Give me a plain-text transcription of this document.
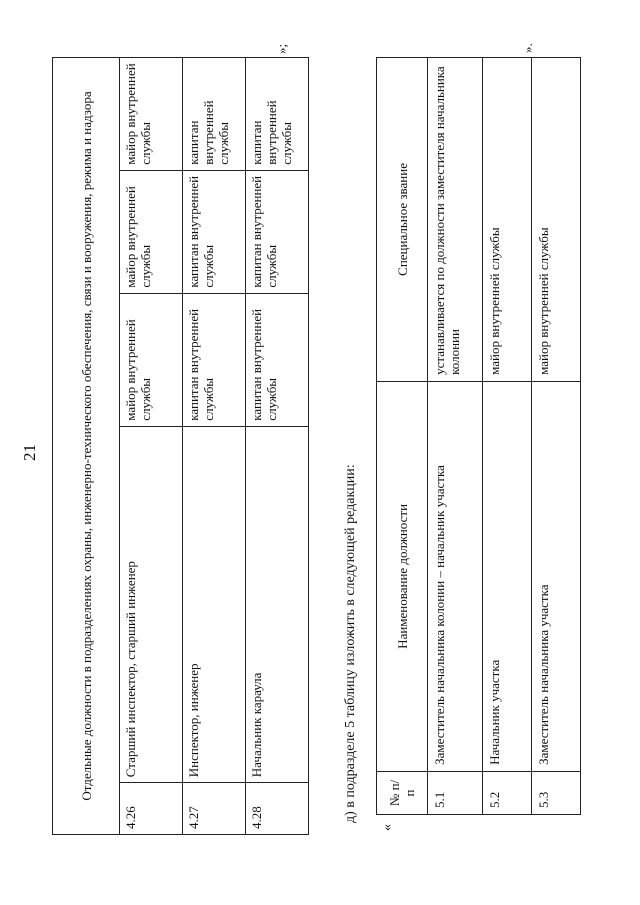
21	Отдельные должности в подразделениях охраны, инженерно-технического обеспечения, связи и вооружения, режима и надзора				
4.26	Старший инспектор, старший инженер	майор внутренней службы	майор внутренней службы	майор внутренней службы
4.27	Инспектор, инженер	капитан внутренней службы	капитан внутренней службы	капитан внутренней службы
4.28	Начальник караула	капитан внутренней службы	капитан внутренней службы	капитан внутренней службы
»;
д) в подразделе 5 таблицу изложить в следующей редакции:
«
№ п/п	Наименование должности	Специальное звание
5.1	Заместитель начальника колонии – начальник участка	устанавливается по должности заместителя начальника колонии
5.2	Начальник участка	майор внутренней службы
5.3	Заместитель начальника участка	майор внутренней службы
».
